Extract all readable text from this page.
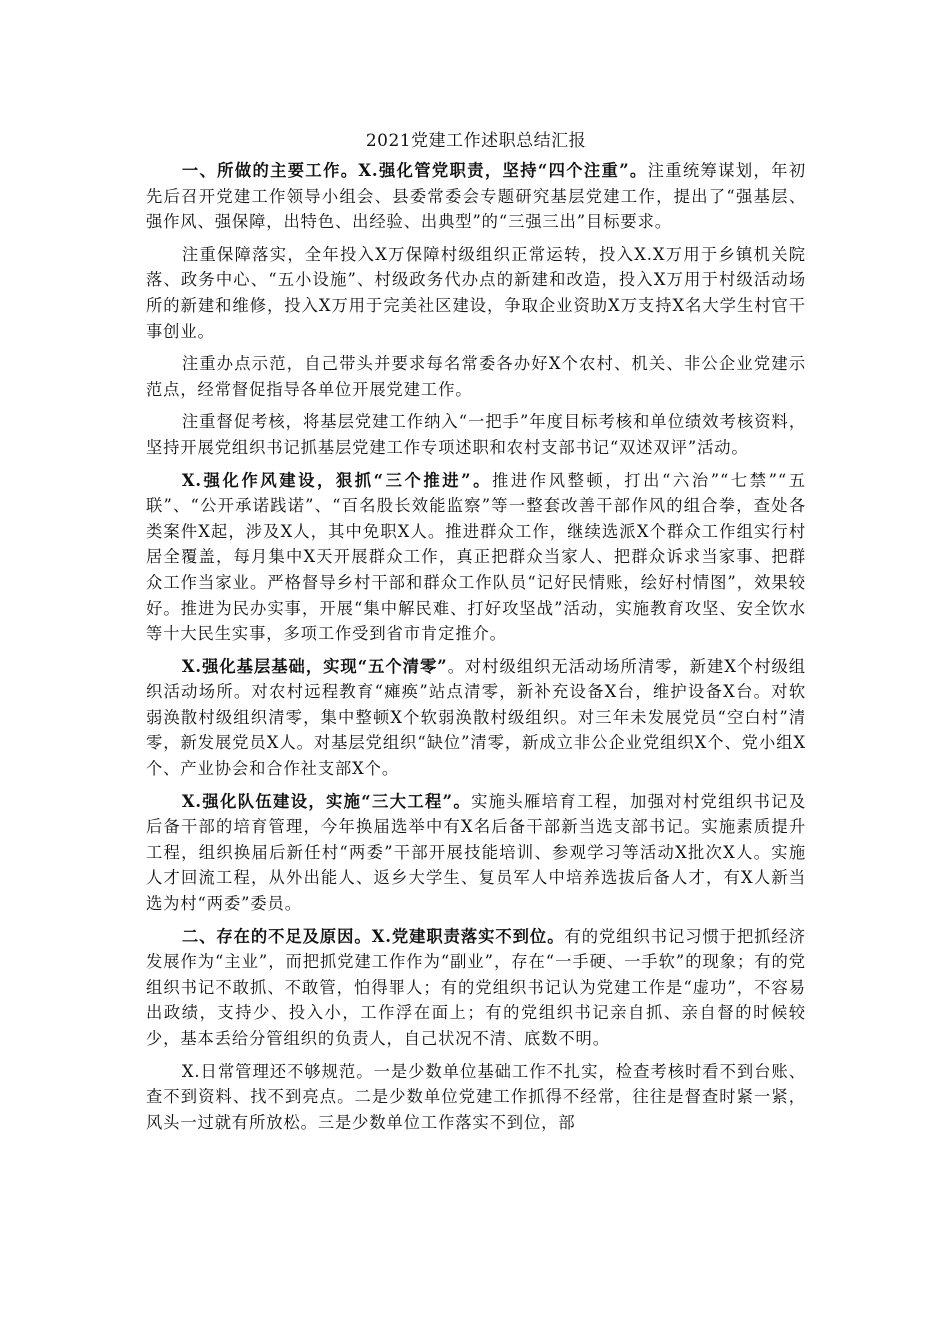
2021党建工作述职总结汇报

一、所做的主要工作。X.强化管党职责，坚持“四个注重”。注重统筹谋划，年初先后召开党建工作领导小组会、县委常委会专题研究基层党建工作，提出了“强基层、强作风、强保障，出特色、出经验、出典型”的“三强三出”目标要求。

注重保障落实，全年投入X万保障村级组织正常运转，投入X.X万用于乡镇机关院落、政务中心、“五小设施”、村级政务代办点的新建和改造，投入X万用于村级活动场所的新建和维修，投入X万用于完美社区建设，争取企业资助X万支持X名大学生村官干事创业。

注重办点示范，自己带头并要求每名常委各办好X个农村、机关、非公企业党建示范点，经常督促指导各单位开展党建工作。

注重督促考核，将基层党建工作纳入“一把手”年度目标考核和单位绩效考核资料，坚持开展党组织书记抓基层党建工作专项述职和农村支部书记“双述双评”活动。

X.强化作风建设，狠抓“三个推进”。推进作风整顿，打出“六治”“七禁”“五联”、“公开承诺践诺”、“百名股长效能监察”等一整套改善干部作风的组合拳，查处各类案件X起，涉及X人，其中免职X人。推进群众工作，继续选派X个群众工作组实行村居全覆盖，每月集中X天开展群众工作，真正把群众当家人、把群众诉求当家事、把群众工作当家业。严格督导乡村干部和群众工作队员“记好民情账，绘好村情图”，效果较好。推进为民办实事，开展“集中解民难、打好攻坚战”活动，实施教育攻坚、安全饮水等十大民生实事，多项工作受到省市肯定推介。

X.强化基层基础，实现“五个清零”。对村级组织无活动场所清零，新建X个村级组织活动场所。对农村远程教育“瘫痪”站点清零，新补充设备X台，维护设备X台。对软弱涣散村级组织清零，集中整顿X个软弱涣散村级组织。对三年未发展党员“空白村”清零，新发展党员X人。对基层党组织“缺位”清零，新成立非公企业党组织X个、党小组X个、产业协会和合作社支部X个。

X.强化队伍建设，实施“三大工程”。实施头雁培育工程，加强对村党组织书记及后备干部的培育管理，今年换届选举中有X名后备干部新当选支部书记。实施素质提升工程，组织换届后新任村“两委”干部开展技能培训、参观学习等活动X批次X人。实施人才回流工程，从外出能人、返乡大学生、复员军人中培养选拔后备人才，有X人新当选为村“两委”委员。

二、存在的不足及原因。X.党建职责落实不到位。有的党组织书记习惯于把抓经济发展作为“主业”，而把抓党建工作作为“副业”，存在“一手硬、一手软”的现象；有的党组织书记不敢抓、不敢管，怕得罪人；有的党组织书记认为党建工作是“虚功”，不容易出政绩，支持少、投入小，工作浮在面上；有的党组织书记亲自抓、亲自督的时候较少，基本丢给分管组织的负责人，自己状况不清、底数不明。

X.日常管理还不够规范。一是少数单位基础工作不扎实，检查考核时看不到台账、查不到资料、找不到亮点。二是少数单位党建工作抓得不经常，往往是督查时紧一紧，风头一过就有所放松。三是少数单位工作落实不到位，部
